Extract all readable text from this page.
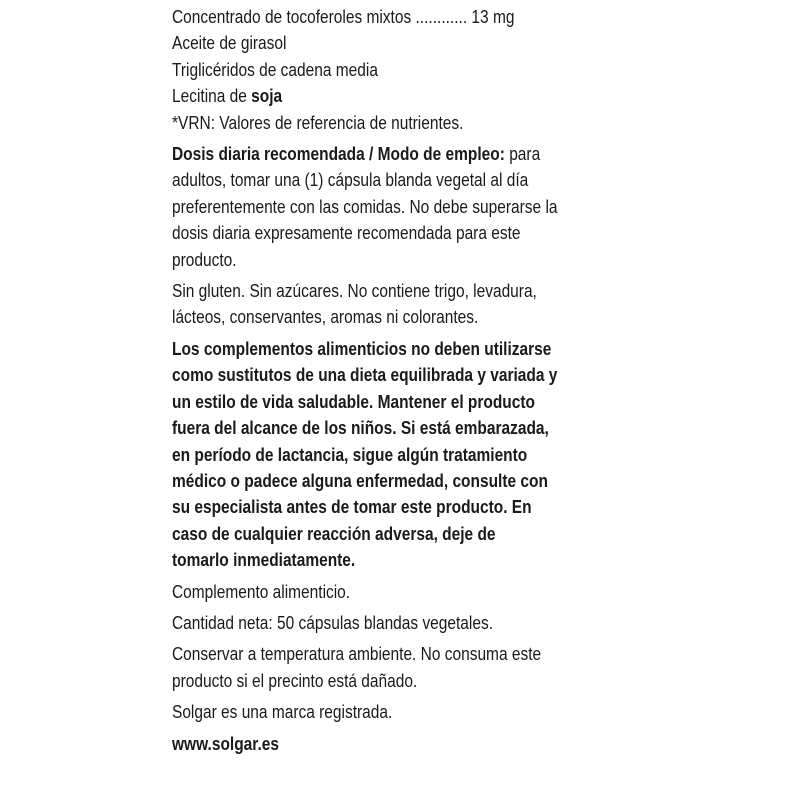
Concentrado de tocoferoles mixtos ............ 13 mg

Aceite de girasol

Triglicéridos de cadena media

Lecitina de soja

*VRN: Valores de referencia de nutrientes.

Dosis diaria recomendada / Modo de empleo: para

adultos, tomar una (1) cápsula blanda vegetal al día

preferentemente con las comidas. No debe superarse la

dosis diaria expresamente recomendada para este

producto.

Sin gluten. Sin azúcares. No contiene trigo, levadura,

lácteos, conservantes, aromas ni colorantes.

Los complementos alimenticios no deben utilizarse

como sustitutos de una dieta equilibrada y variada y

un estilo de vida saludable. Mantener el producto

fuera del alcance de los niños. Si está embarazada,

en período de lactancia, sigue algún tratamiento

médico o padece alguna enfermedad, consulte con

su especialista antes de tomar este producto. En

caso de cualquier reacción adversa, deje de

tomarlo inmediatamente.

Complemento alimenticio.

Cantidad neta: 50 cápsulas blandas vegetales.

Conservar a temperatura ambiente. No consuma este

producto si el precinto está dañado.

Solgar es una marca registrada.

www.solgar.es
